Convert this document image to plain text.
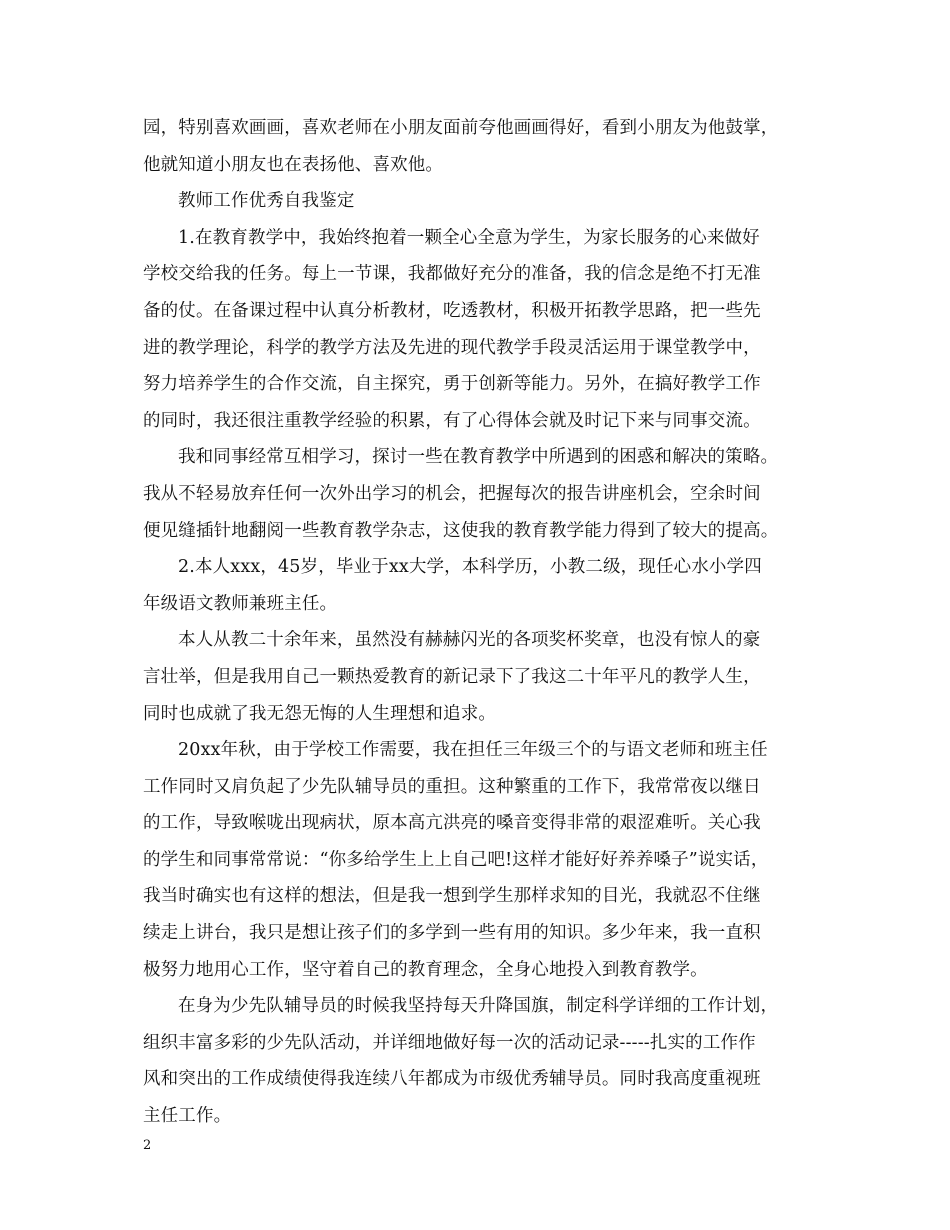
园，特别喜欢画画，喜欢老师在小朋友面前夸他画画得好，看到小朋友为他鼓掌，
他就知道小朋友也在表扬他、喜欢他。
教师工作优秀自我鉴定
1.在教育教学中，我始终抱着一颗全心全意为学生，为家长服务的心来做好
学校交给我的任务。每上一节课，我都做好充分的准备，我的信念是绝不打无准
备的仗。在备课过程中认真分析教材，吃透教材，积极开拓教学思路，把一些先
进的教学理论，科学的教学方法及先进的现代教学手段灵活运用于课堂教学中，
努力培养学生的合作交流，自主探究，勇于创新等能力。另外，在搞好教学工作
的同时，我还很注重教学经验的积累，有了心得体会就及时记下来与同事交流。
我和同事经常互相学习，探讨一些在教育教学中所遇到的困惑和解决的策略。
我从不轻易放弃任何一次外出学习的机会，把握每次的报告讲座机会，空余时间
便见缝插针地翻阅一些教育教学杂志，这使我的教育教学能力得到了较大的提高。
2.本人xxx，45岁，毕业于xx大学，本科学历，小教二级，现任心水小学四
年级语文教师兼班主任。
本人从教二十余年来，虽然没有赫赫闪光的各项奖杯奖章，也没有惊人的豪
言壮举，但是我用自己一颗热爱教育的新记录下了我这二十年平凡的教学人生，
同时也成就了我无怨无悔的人生理想和追求。
20xx年秋，由于学校工作需要，我在担任三年级三个的与语文老师和班主任
工作同时又肩负起了少先队辅导员的重担。这种繁重的工作下，我常常夜以继日
的工作，导致喉咙出现病状，原本高亢洪亮的嗓音变得非常的艰涩难听。关心我
的学生和同事常常说：“你多给学生上上自己吧!这样才能好好养养嗓子”说实话，
我当时确实也有这样的想法，但是我一想到学生那样求知的目光，我就忍不住继
续走上讲台，我只是想让孩子们的多学到一些有用的知识。多少年来，我一直积
极努力地用心工作，坚守着自己的教育理念，全身心地投入到教育教学。
在身为少先队辅导员的时候我坚持每天升降国旗，制定科学详细的工作计划，
组织丰富多彩的少先队活动，并详细地做好每一次的活动记录-----扎实的工作作
风和突出的工作成绩使得我连续八年都成为市级优秀辅导员。同时我高度重视班
主任工作。
2
